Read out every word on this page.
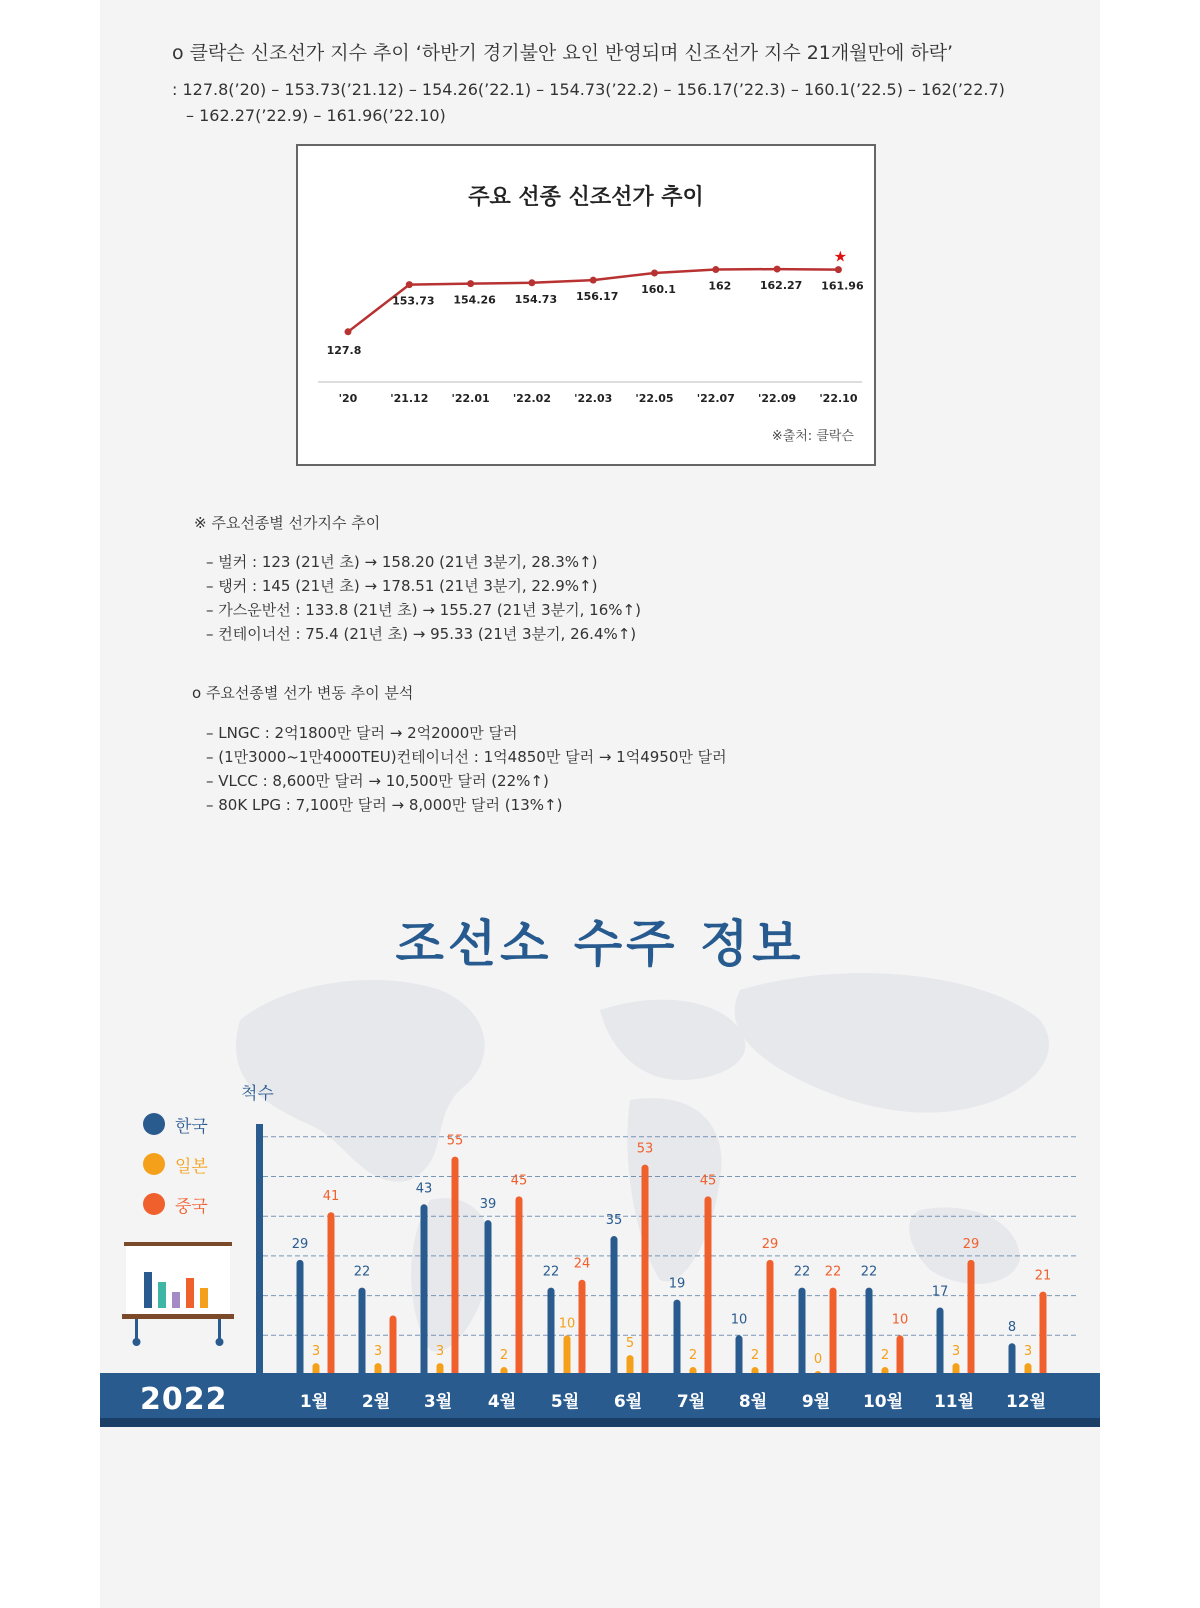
o 클락슨 신조선가 지수 추이 ‘하반기 경기불안 요인 반영되며 신조선가 지수 21개월만에 하락’
: 127.8(’20) – 153.73(’21.12) – 154.26(’22.1) – 154.73(’22.2) – 156.17(’22.3) – 160.1(’22.5) – 162(’22.7)
– 162.27(’22.9) – 161.96(’22.10)
주요 선종 신조선가 추이
127.8
'20
153.73
'21.12
154.26
'22.01
154.73
'22.02
156.17
'22.03
160.1
'22.05
162
'22.07
162.27
'22.09
161.96
'22.10
★
※출처: 클락슨
※ 주요선종별 선가지수 추이
– 벌커 : 123 (21년 초) → 158.20 (21년 3분기, 28.3%↑)
– 탱커 : 145 (21년 초) → 178.51 (21년 3분기, 22.9%↑)
– 가스운반선 : 133.8 (21년 초) → 155.27 (21년 3분기, 16%↑)
– 컨테이너선 : 75.4 (21년 초) → 95.33 (21년 3분기, 26.4%↑)
o 주요선종별 선가 변동 추이 분석
– LNGC : 2억1800만 달러 → 2억2000만 달러
– (1만3000~1만4000TEU)컨테이너선 : 1억4850만 달러 → 1억4950만 달러
– VLCC : 8,600만 달러 → 10,500만 달러 (22%↑)
– 80K LPG : 7,100만 달러 → 8,000만 달러 (13%↑)
조선소 수주 정보
한국
일본
중국
척수
29
3
41
22
3
43
3
55
39
2
45
22
10
24
35
5
53
19
2
45
10
2
29
22
0
22 22
2
10
17
3
29
8
3
21
2022	1월	2월	3월	4월	5월	6월	7월	8월	9월	10월	11월	12월
